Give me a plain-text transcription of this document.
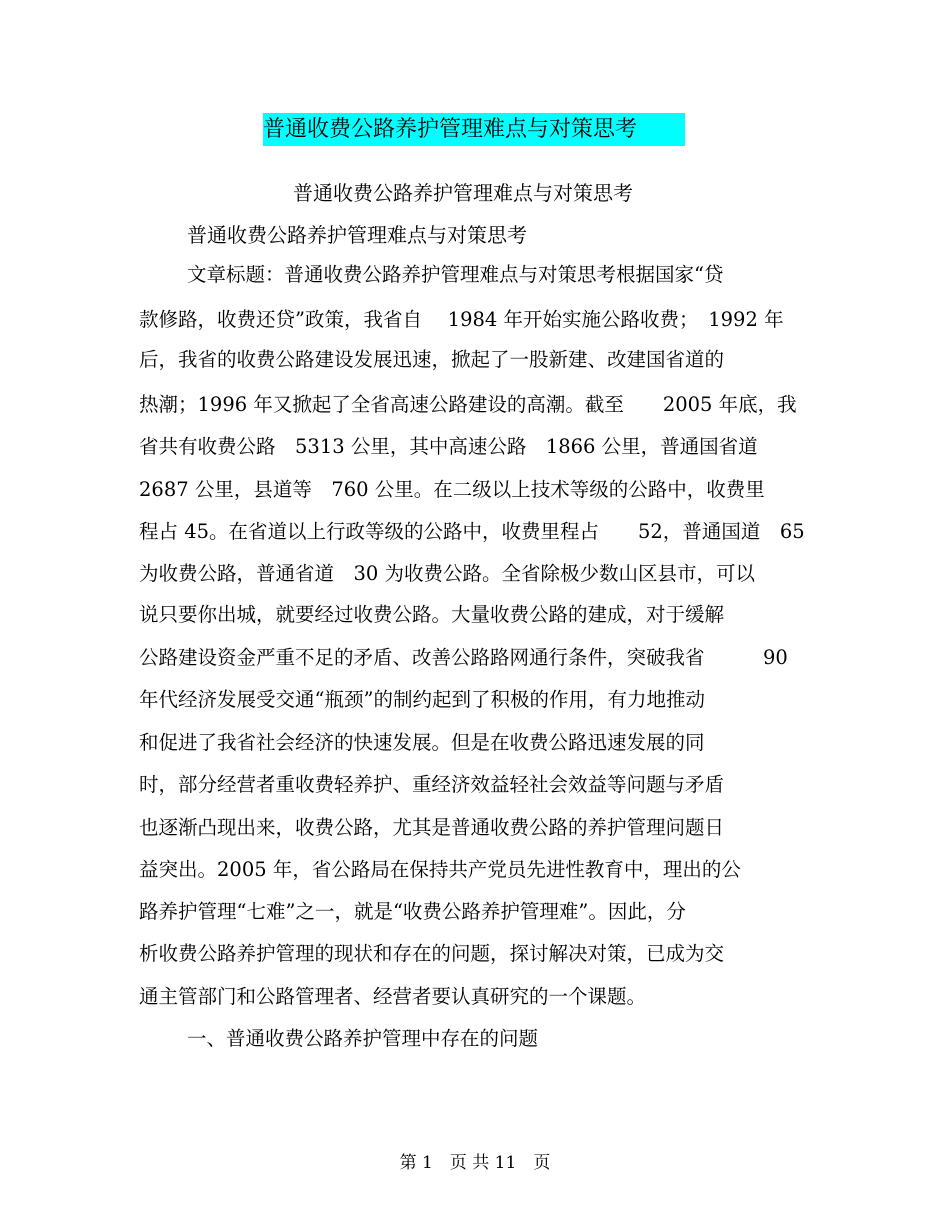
普通收费公路养护管理难点与对策思考
普通收费公路养护管理难点与对策思考
普通收费公路养护管理难点与对策思考
文章标题：普通收费公路养护管理难点与对策思考根据国家“贷
款修路，收费还贷”政策，我省自　 1984 年开始实施公路收费；　1992 年
后，我省的收费公路建设发展迅速，掀起了一股新建、改建国省道的
热潮；1996 年又掀起了全省高速公路建设的高潮。截至　　2005 年底，我
省共有收费公路　5313 公里，其中高速公路　1866 公里，普通国省道
2687 公里，县道等　760 公里。在二级以上技术等级的公路中，收费里
程占 45。在省道以上行政等级的公路中，收费里程占　　52，普通国道　65
为收费公路，普通省道　30 为收费公路。全省除极少数山区县市，可以
说只要你出城，就要经过收费公路。大量收费公路的建成，对于缓解
公路建设资金严重不足的矛盾、改善公路路网通行条件，突破我省　　　90
年代经济发展受交通“瓶颈”的制约起到了积极的作用，有力地推动
和促进了我省社会经济的快速发展。但是在收费公路迅速发展的同
时，部分经营者重收费轻养护、重经济效益轻社会效益等问题与矛盾
也逐渐凸现出来，收费公路，尤其是普通收费公路的养护管理问题日
益突出。2005 年，省公路局在保持共产党员先进性教育中，理出的公
路养护管理“七难”之一，就是“收费公路养护管理难”。因此，分
析收费公路养护管理的现状和存在的问题，探讨解决对策，已成为交
通主管部门和公路管理者、经营者要认真研究的一个课题。
一、普通收费公路养护管理中存在的问题
第 1　页 共 11　页
